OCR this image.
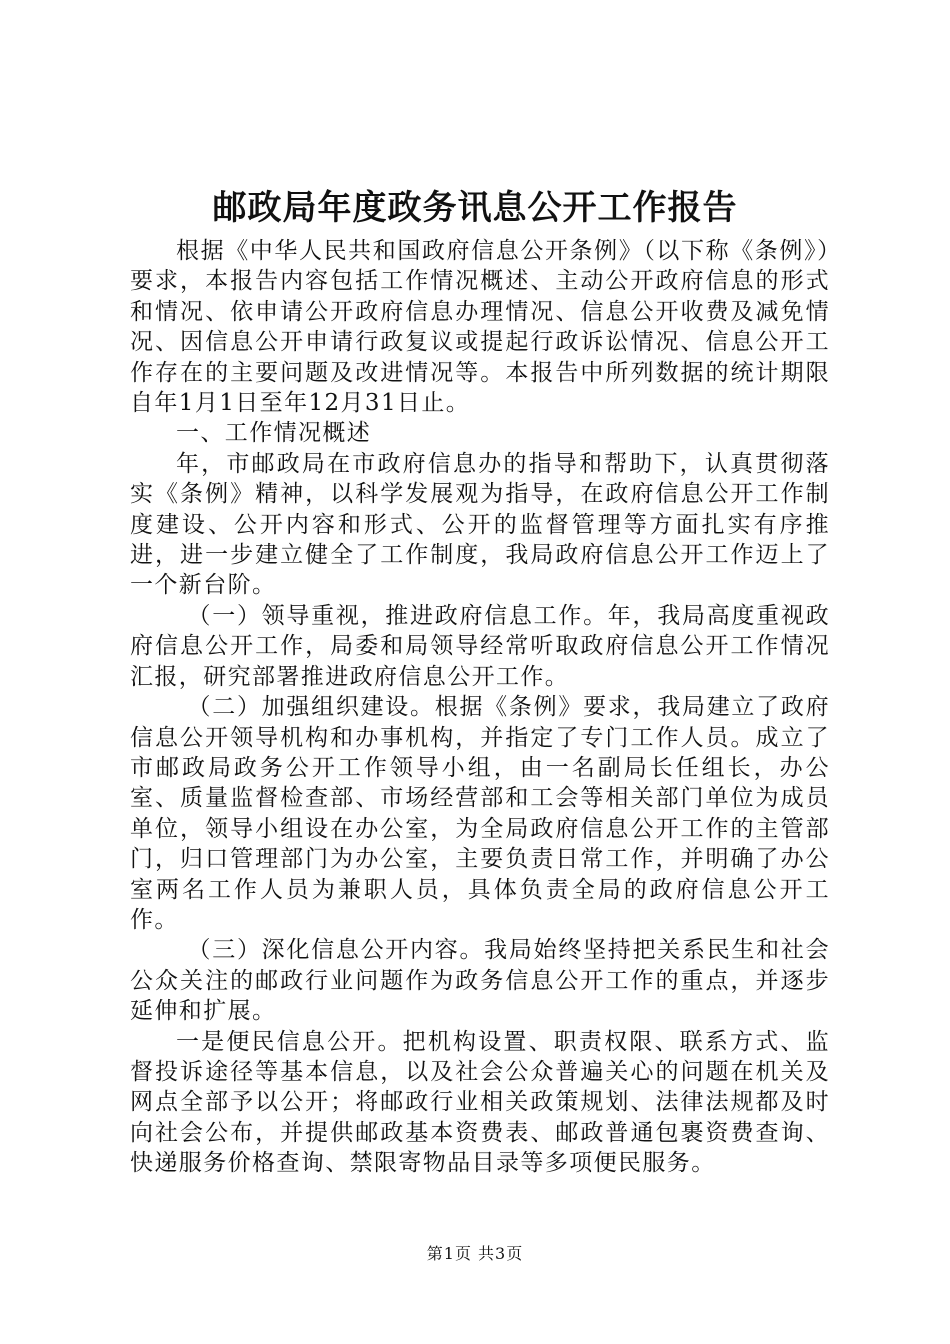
邮政局年度政务讯息公开工作报告

根据《中华人民共和国政府信息公开条例》（以下称《条例》）要求，本报告内容包括工作情况概述、主动公开政府信息的形式和情况、依申请公开政府信息办理情况、信息公开收费及减免情况、因信息公开申请行政复议或提起行政诉讼情况、信息公开工作存在的主要问题及改进情况等。本报告中所列数据的统计期限自年1月1日至年12月31日止。

一、工作情况概述

年，市邮政局在市政府信息办的指导和帮助下，认真贯彻落实《条例》精神，以科学发展观为指导，在政府信息公开工作制度建设、公开内容和形式、公开的监督管理等方面扎实有序推进，进一步建立健全了工作制度，我局政府信息公开工作迈上了一个新台阶。

（一）领导重视，推进政府信息工作。年，我局高度重视政府信息公开工作，局委和局领导经常听取政府信息公开工作情况汇报，研究部署推进政府信息公开工作。

（二）加强组织建设。根据《条例》要求，我局建立了政府信息公开领导机构和办事机构，并指定了专门工作人员。成立了市邮政局政务公开工作领导小组，由一名副局长任组长，办公室、质量监督检查部、市场经营部和工会等相关部门单位为成员单位，领导小组设在办公室，为全局政府信息公开工作的主管部门，归口管理部门为办公室，主要负责日常工作，并明确了办公室两名工作人员为兼职人员，具体负责全局的政府信息公开工作。

（三）深化信息公开内容。我局始终坚持把关系民生和社会公众关注的邮政行业问题作为政务信息公开工作的重点，并逐步延伸和扩展。

一是便民信息公开。把机构设置、职责权限、联系方式、监督投诉途径等基本信息，以及社会公众普遍关心的问题在机关及网点全部予以公开；将邮政行业相关政策规划、法律法规都及时向社会公布，并提供邮政基本资费表、邮政普通包裹资费查询、快递服务价格查询、禁限寄物品目录等多项便民服务。

第1页 共3页
